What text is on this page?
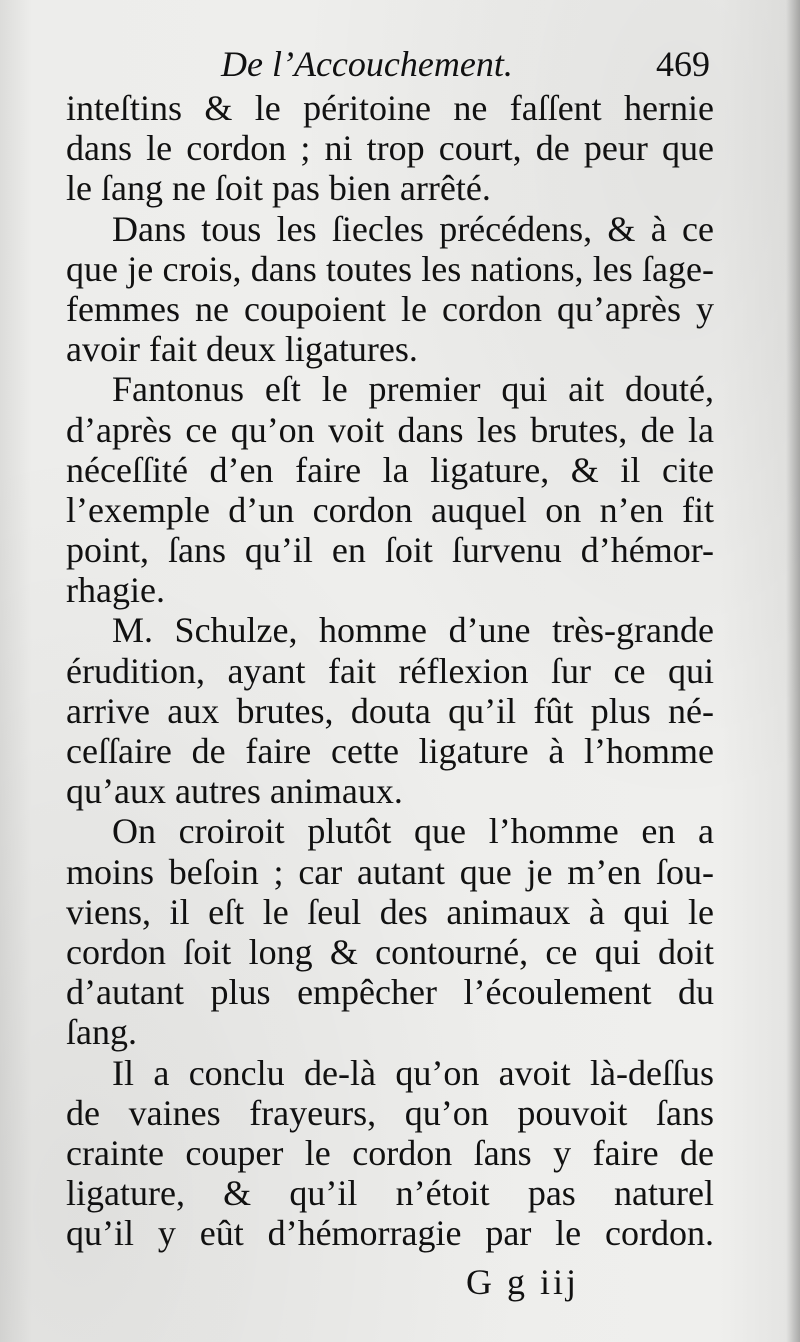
De l’Accouchement.	469
inteſtins & le péritoine ne faſſent hernie
dans le cordon ; ni trop court, de peur que
le ſang ne ſoit pas bien arrêté.
Dans tous les ſiecles précédens, & à ce
que je crois, dans toutes les nations, les ſage-
femmes ne coupoient le cordon qu’après y
avoir fait deux ligatures.
Fantonus eſt le premier qui ait douté,
d’après ce qu’on voit dans les brutes, de la
néceſſité d’en faire la ligature, & il cite
l’exemple d’un cordon auquel on n’en fit
point, ſans qu’il en ſoit ſurvenu d’hémor-
rhagie.
M. Schulze, homme d’une très-grande
érudition, ayant fait réflexion ſur ce qui
arrive aux brutes, douta qu’il fût plus né-
ceſſaire de faire cette ligature à l’homme
qu’aux autres animaux.
On croiroit plutôt que l’homme en a
moins beſoin ; car autant que je m’en ſou-
viens, il eſt le ſeul des animaux à qui le
cordon ſoit long & contourné, ce qui doit
d’autant plus empêcher l’écoulement du
ſang.
Il a conclu de-là qu’on avoit là-deſſus
de vaines frayeurs, qu’on pouvoit ſans
crainte couper le cordon ſans y faire de
ligature, & qu’il n’étoit pas naturel
qu’il y eût d’hémorragie par le cordon.
G g iij
